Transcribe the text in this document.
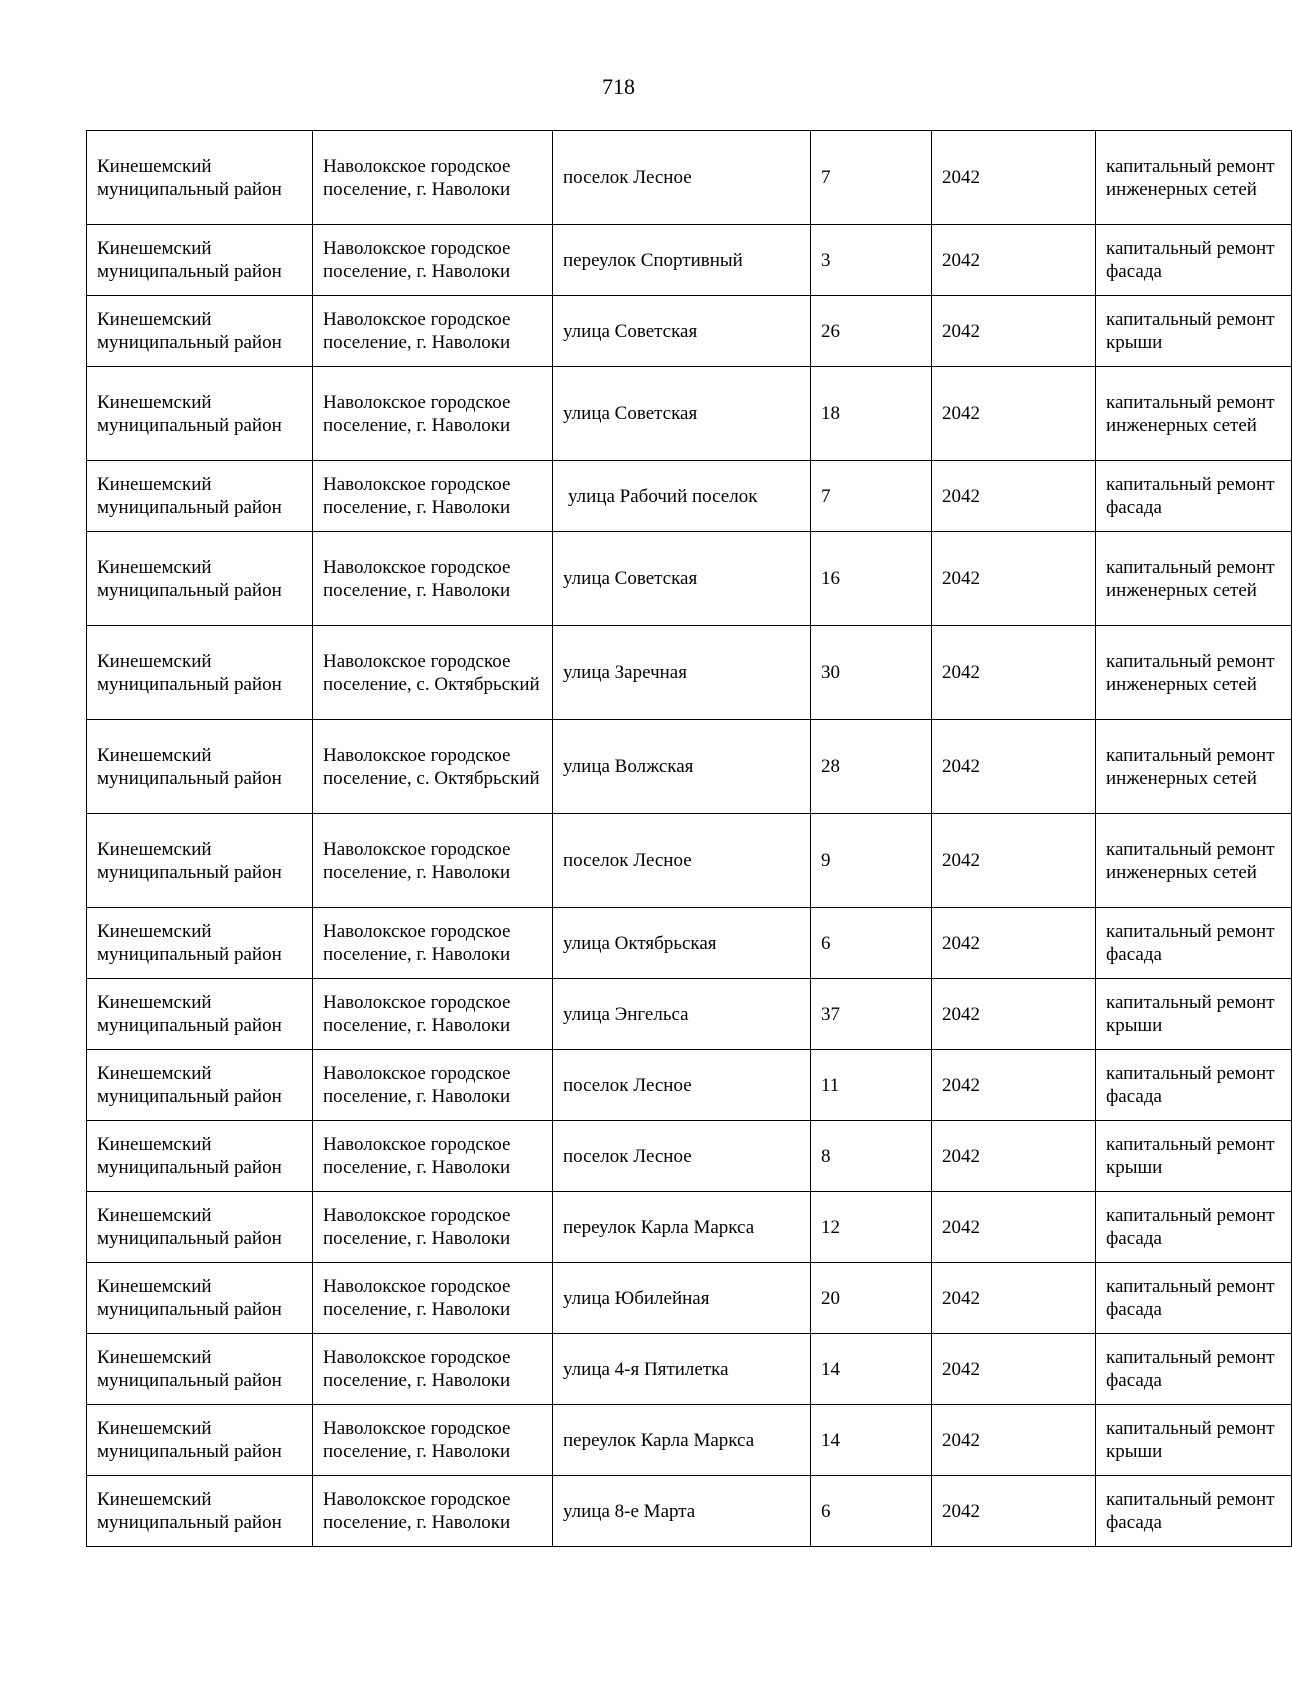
718
Кинешемский муниципальный район	Наволокское городское поселение, г. Наволоки	поселок Лесное	7	2042	капитальный ремонт инженерных сетей
Кинешемский муниципальный район	Наволокское городское поселение, г. Наволоки	переулок Спортивный	3	2042	капитальный ремонт фасада
Кинешемский муниципальный район	Наволокское городское поселение, г. Наволоки	улица Советская	26	2042	капитальный ремонт крыши
Кинешемский муниципальный район	Наволокское городское поселение, г. Наволоки	улица Советская	18	2042	капитальный ремонт инженерных сетей
Кинешемский муниципальный район	Наволокское городское поселение, г. Наволоки	улица Рабочий поселок	7	2042	капитальный ремонт фасада
Кинешемский муниципальный район	Наволокское городское поселение, г. Наволоки	улица Советская	16	2042	капитальный ремонт инженерных сетей
Кинешемский муниципальный район	Наволокское городское поселение, с. Октябрьский	улица Заречная	30	2042	капитальный ремонт инженерных сетей
Кинешемский муниципальный район	Наволокское городское поселение, с. Октябрьский	улица Волжская	28	2042	капитальный ремонт инженерных сетей
Кинешемский муниципальный район	Наволокское городское поселение, г. Наволоки	поселок Лесное	9	2042	капитальный ремонт инженерных сетей
Кинешемский муниципальный район	Наволокское городское поселение, г. Наволоки	улица Октябрьская	6	2042	капитальный ремонт фасада
Кинешемский муниципальный район	Наволокское городское поселение, г. Наволоки	улица Энгельса	37	2042	капитальный ремонт крыши
Кинешемский муниципальный район	Наволокское городское поселение, г. Наволоки	поселок Лесное	11	2042	капитальный ремонт фасада
Кинешемский муниципальный район	Наволокское городское поселение, г. Наволоки	поселок Лесное	8	2042	капитальный ремонт крыши
Кинешемский муниципальный район	Наволокское городское поселение, г. Наволоки	переулок Карла Маркса	12	2042	капитальный ремонт фасада
Кинешемский муниципальный район	Наволокское городское поселение, г. Наволоки	улица Юбилейная	20	2042	капитальный ремонт фасада
Кинешемский муниципальный район	Наволокское городское поселение, г. Наволоки	улица 4-я Пятилетка	14	2042	капитальный ремонт фасада
Кинешемский муниципальный район	Наволокское городское поселение, г. Наволоки	переулок Карла Маркса	14	2042	капитальный ремонт крыши
Кинешемский муниципальный район	Наволокское городское поселение, г. Наволоки	улица 8-е Марта	6	2042	капитальный ремонт фасада
